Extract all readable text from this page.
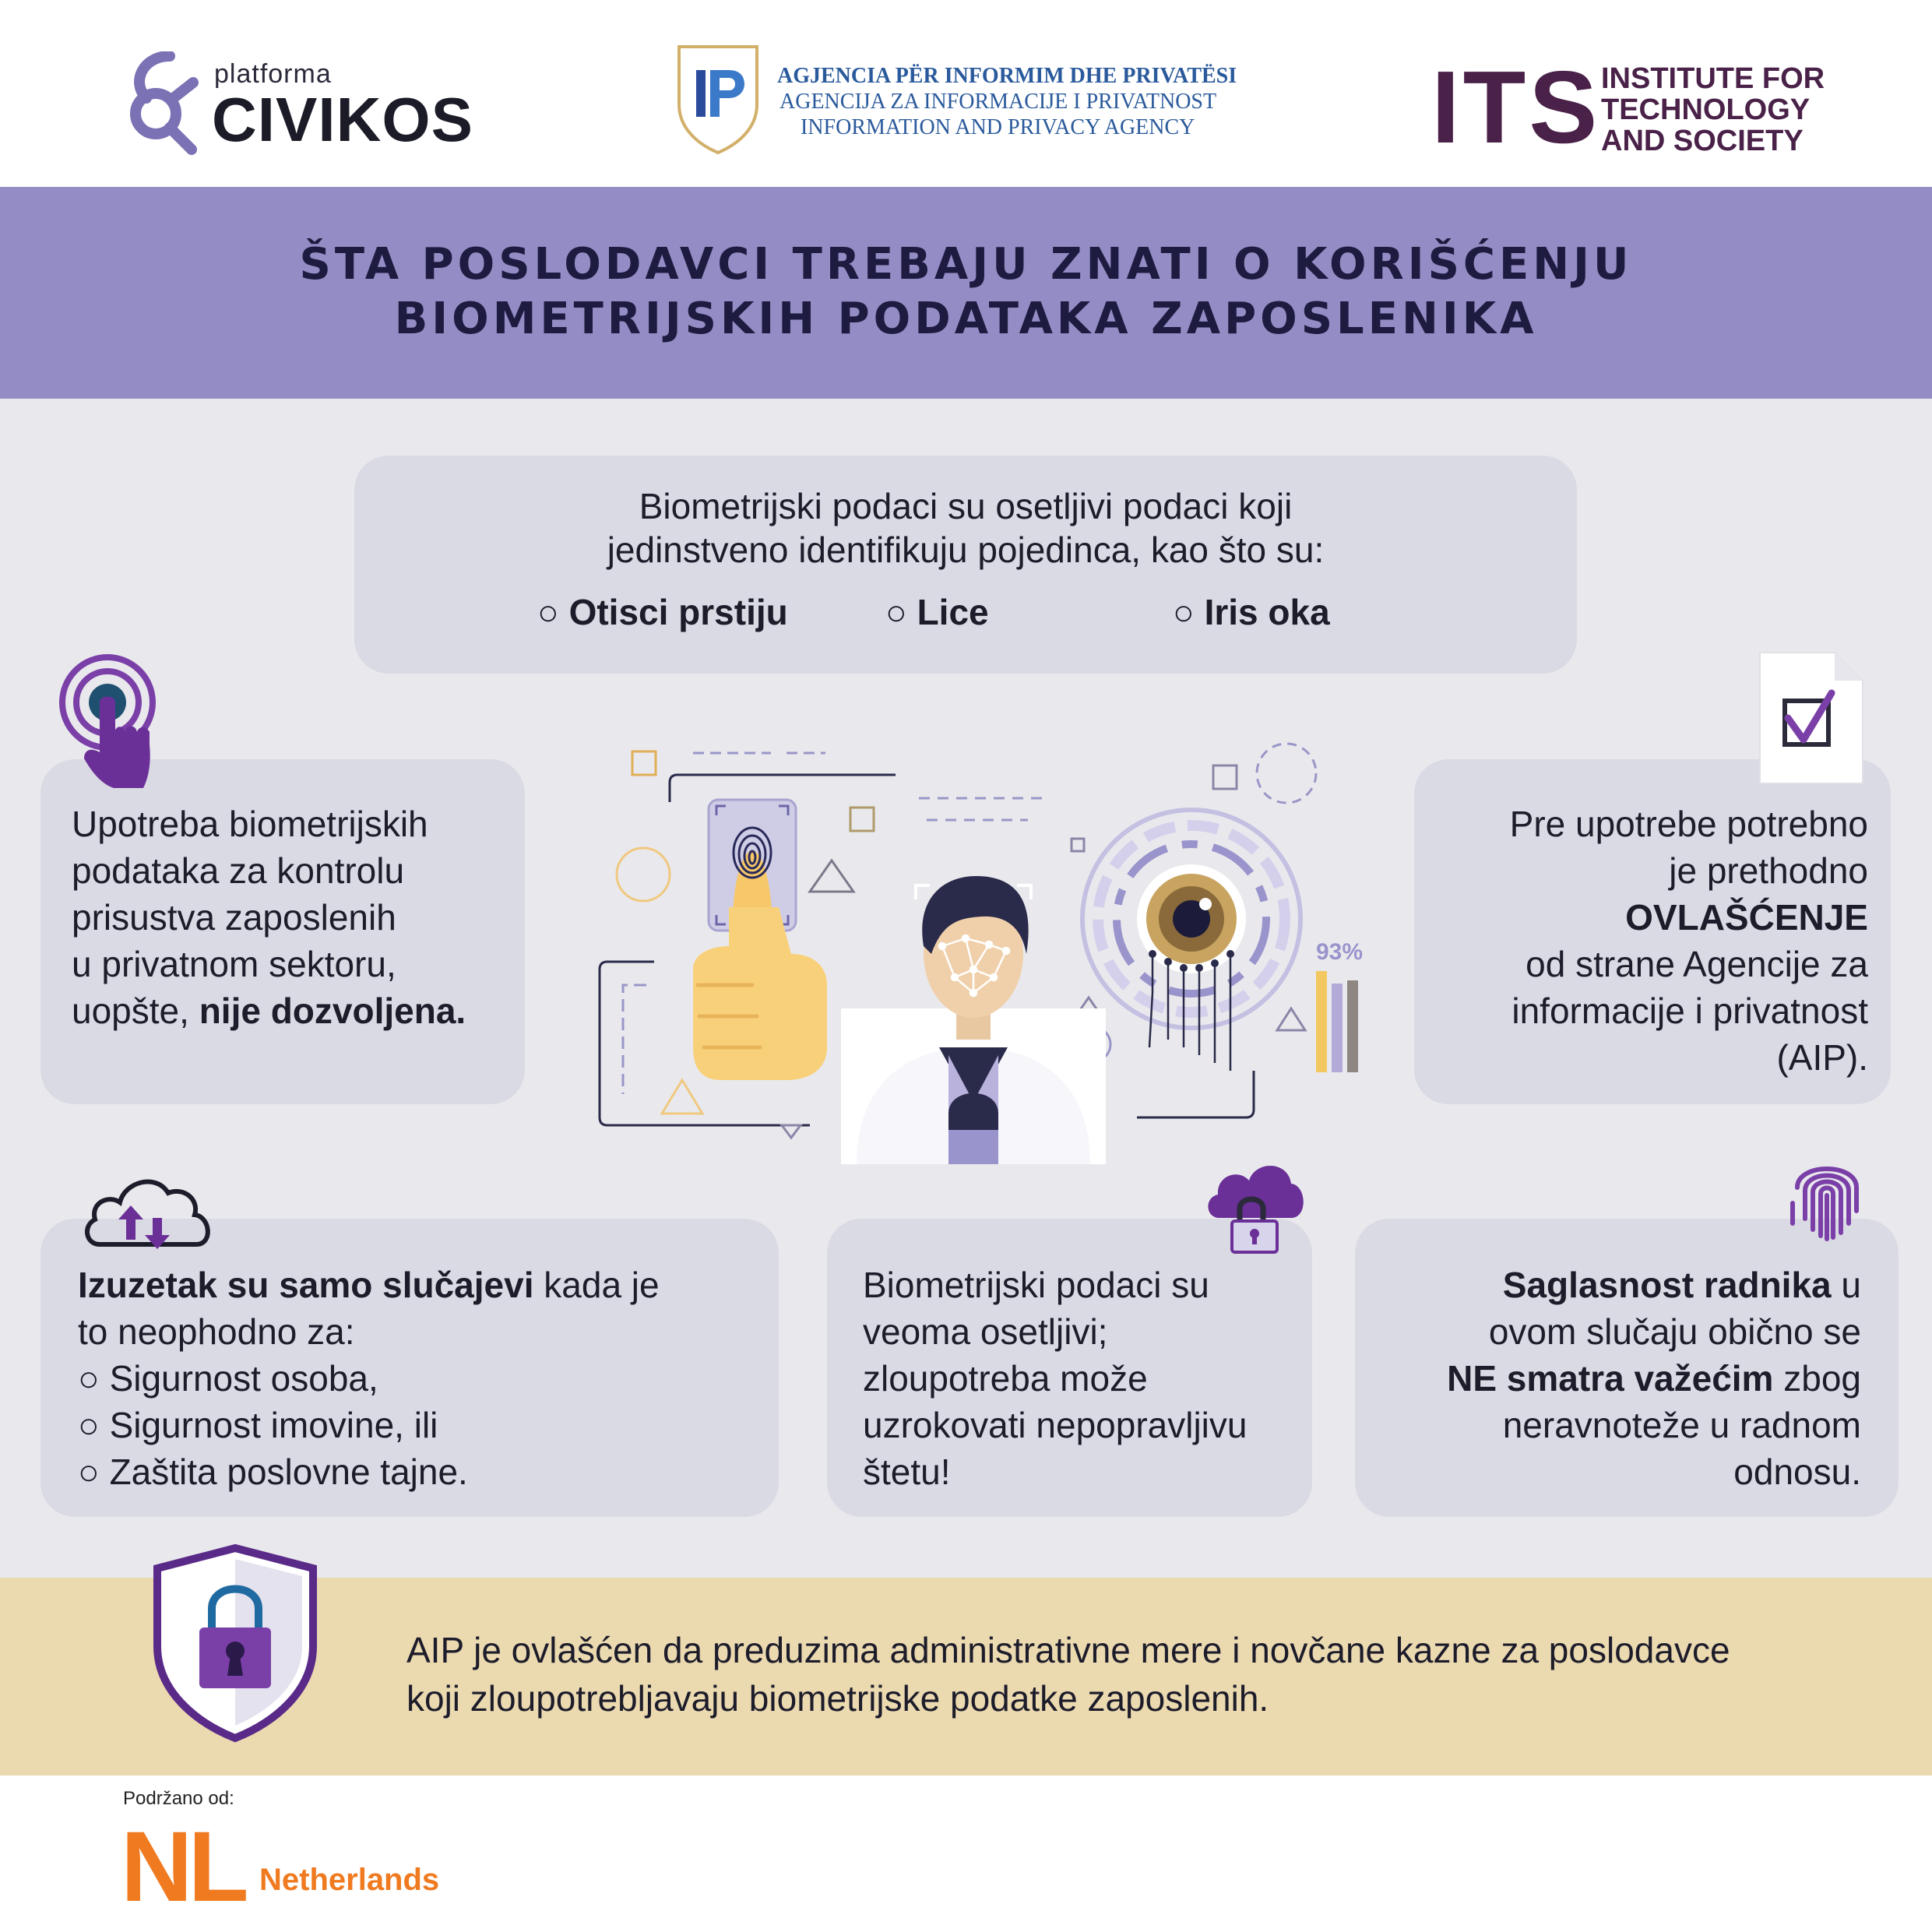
platforma
CIVIKOS
AGJENCIA PËR INFORMIM DHE PRIVATËSI
AGENCIJA ZA INFORMACIJE I PRIVATNOST
INFORMATION AND PRIVACY AGENCY ITS INSTITUTE FOR
TECHNOLOGY
AND SOCIETY
ŠTA POSLODAVCI TREBAJU ZNATI O KORIŠĆENJU
BIOMETRIJSKIH PODATAKA ZAPOSLENIKA
Biometrijski podaci su osetljivi podaci koji
jedinstveno identifikuju pojedinca, kao što su:
○ Otisci prstiju	○ Lice	○ Iris oka
Upotreba biometrijskih
podataka za kontrolu
prisustva zaposlenih
u privatnom sektoru,
uopšte, nije dozvoljena.
Pre upotrebe potrebno
je prethodno
OVLAŠĆENJE
od strane Agencije za
informacije i privatnost
(AIP).
93%
Izuzetak su samo slučajevi kada je
to neophodno za:
○ Sigurnost osoba,
○ Sigurnost imovine, ili
○ Zaštita poslovne tajne.
Biometrijski podaci su
veoma osetljivi;
zloupotreba može
uzrokovati nepopravljivu
štetu!
Saglasnost radnika u
ovom slučaju obično se
NE smatra važećim zbog
neravnoteže u radnom
odnosu.
AIP je ovlašćen da preduzima administrativne mere i novčane kazne za poslodavce
koji zloupotrebljavaju biometrijske podatke zaposlenih.
Podržano od:
NL Netherlands
